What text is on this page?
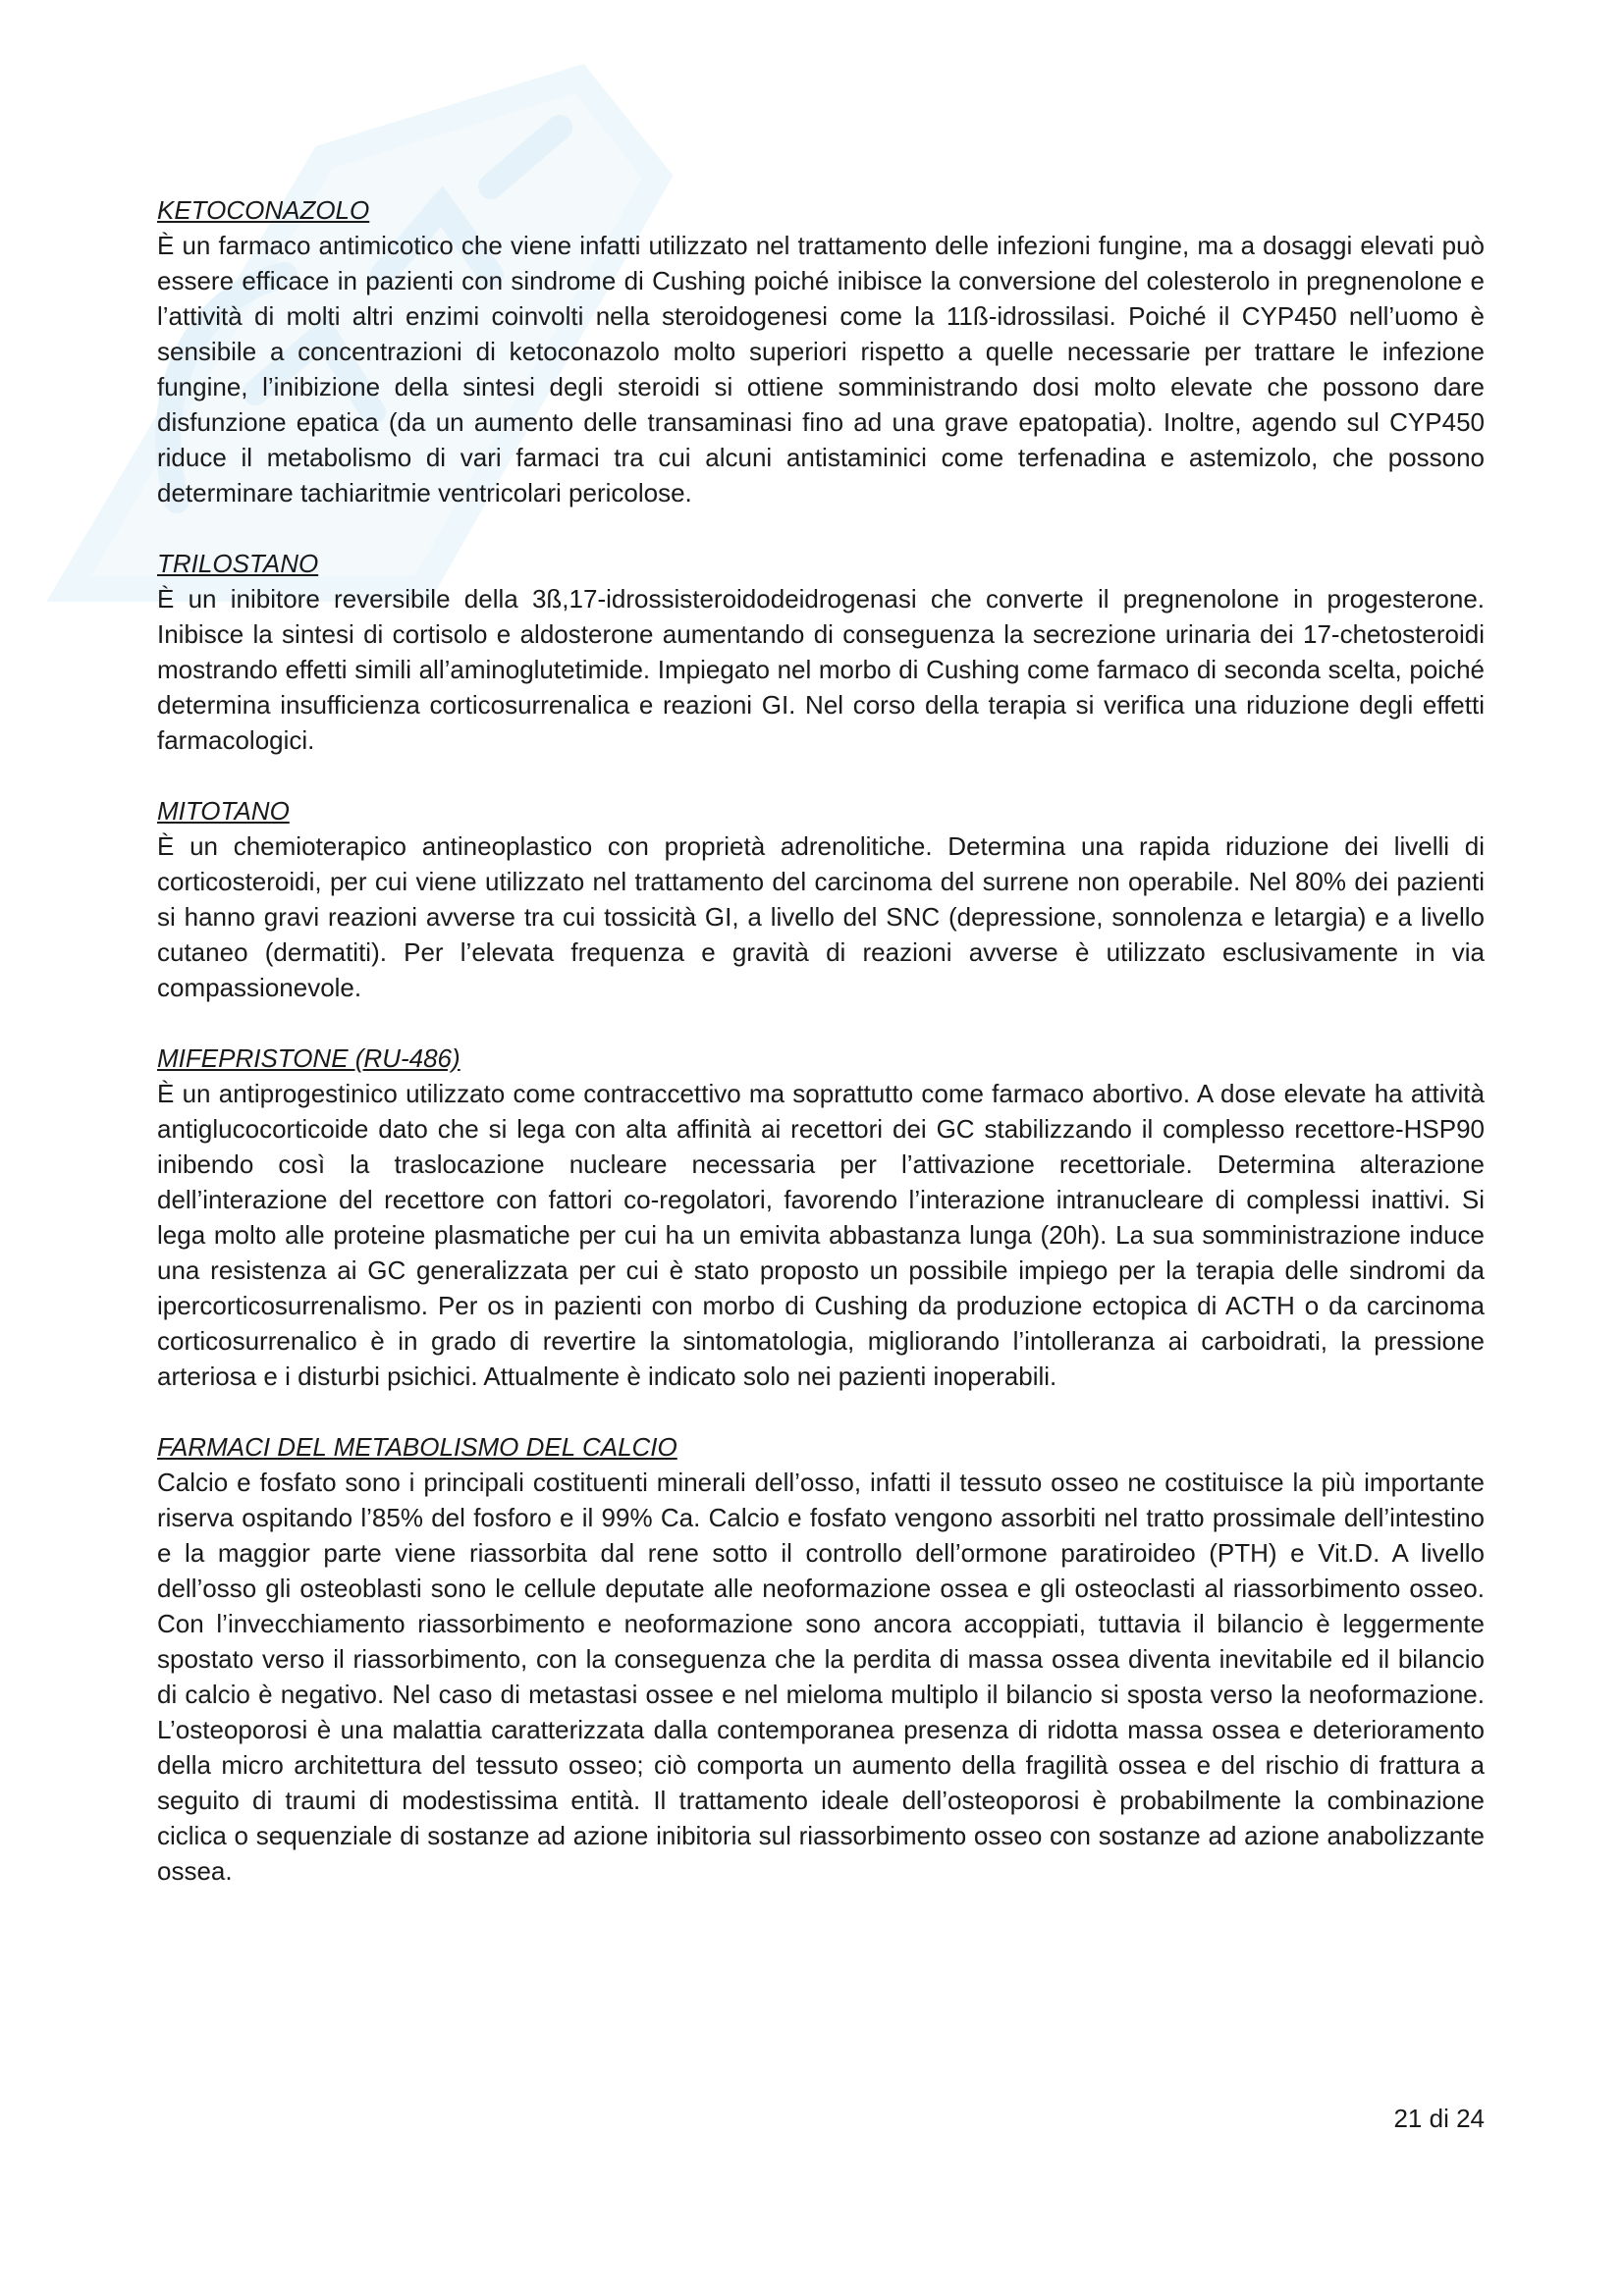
KETOCONAZOLO

È un farmaco antimicotico che viene infatti utilizzato nel trattamento delle infezioni fungine, ma a dosaggi elevati può essere efficace in pazienti con sindrome di Cushing poiché inibisce la conversione del colesterolo in pregnenolone e l’attività di molti altri enzimi coinvolti nella steroidogenesi come la 11ß-idrossilasi. Poiché il CYP450 nell’uomo è sensibile a concentrazioni di ketoconazolo molto superiori rispetto a quelle necessarie per trattare le infezione fungine, l’inibizione della sintesi degli steroidi si ottiene somministrando dosi molto elevate che possono dare disfunzione epatica (da un aumento delle transaminasi fino ad una grave epatopatia). Inoltre, agendo sul CYP450 riduce il metabolismo di vari farmaci tra cui alcuni antistaminici come terfenadina e astemizolo, che possono determinare tachiaritmie ventricolari pericolose.

TRILOSTANO

È un inibitore reversibile della 3ß,17-idrossisteroidodeidrogenasi che converte il pregnenolone in progesterone. Inibisce la sintesi di cortisolo e aldosterone aumentando di conseguenza la secrezione urinaria dei 17-chetosteroidi mostrando effetti simili all’aminoglutetimide. Impiegato nel morbo di Cushing come farmaco di seconda scelta, poiché determina insufficienza corticosurrenalica e reazioni GI. Nel corso della terapia si verifica una riduzione degli effetti farmacologici.

MITOTANO

È un chemioterapico antineoplastico con proprietà adrenolitiche. Determina una rapida riduzione dei livelli di corticosteroidi, per cui viene utilizzato nel trattamento del carcinoma del surrene non operabile. Nel 80% dei pazienti si hanno gravi reazioni avverse tra cui tossicità GI, a livello del SNC (depressione, sonnolenza e letargia) e a livello cutaneo (dermatiti). Per l’elevata frequenza e gravità di reazioni avverse è utilizzato esclusivamente in via compassionevole.

MIFEPRISTONE (RU-486)

È un antiprogestinico utilizzato come contraccettivo ma soprattutto come farmaco abortivo. A dose elevate ha attività antiglucocorticoide dato che si lega con alta affinità ai recettori dei GC stabilizzando il complesso recettore-HSP90 inibendo così la traslocazione nucleare necessaria per l’attivazione recettoriale. Determina alterazione dell’interazione del recettore con fattori co-regolatori, favorendo l’interazione intranucleare di complessi inattivi. Si lega molto alle proteine plasmatiche per cui ha un emivita abbastanza lunga (20h). La sua somministrazione induce una resistenza ai GC generalizzata per cui è stato proposto un possibile impiego per la terapia delle sindromi da ipercorticosurrenalismo. Per os in pazienti con morbo di Cushing da produzione ectopica di ACTH o da carcinoma corticosurrenalico è in grado di revertire la sintomatologia, migliorando l’intolleranza ai carboidrati, la pressione arteriosa e i disturbi psichici. Attualmente è indicato solo nei pazienti inoperabili.

FARMACI DEL METABOLISMO DEL CALCIO

Calcio e fosfato sono i principali costituenti minerali dell’osso, infatti il tessuto osseo ne costituisce la più importante riserva ospitando l’85% del fosforo e il 99% Ca. Calcio e fosfato vengono assorbiti nel tratto prossimale dell’intestino e la maggior parte viene riassorbita dal rene sotto il controllo dell’ormone paratiroideo (PTH) e Vit.D. A livello dell’osso gli osteoblasti sono le cellule deputate alle neoformazione ossea e gli osteoclasti al riassorbimento osseo. Con l’invecchiamento riassorbimento e neoformazione sono ancora accoppiati, tuttavia il bilancio è leggermente spostato verso il riassorbimento, con la conseguenza che la perdita di massa ossea diventa inevitabile ed il bilancio di calcio è negativo. Nel caso di metastasi ossee e nel mieloma multiplo il bilancio si sposta verso la neoformazione. L’osteoporosi è una malattia caratterizzata dalla contemporanea presenza di ridotta massa ossea e deterioramento della micro architettura del tessuto osseo; ciò comporta un aumento della fragilità ossea e del rischio di frattura a seguito di traumi di modestissima entità. Il trattamento ideale dell’osteoporosi è probabilmente la combinazione ciclica o sequenziale di sostanze ad azione inibitoria sul riassorbimento osseo con sostanze ad azione anabolizzante ossea.

21 di 24
